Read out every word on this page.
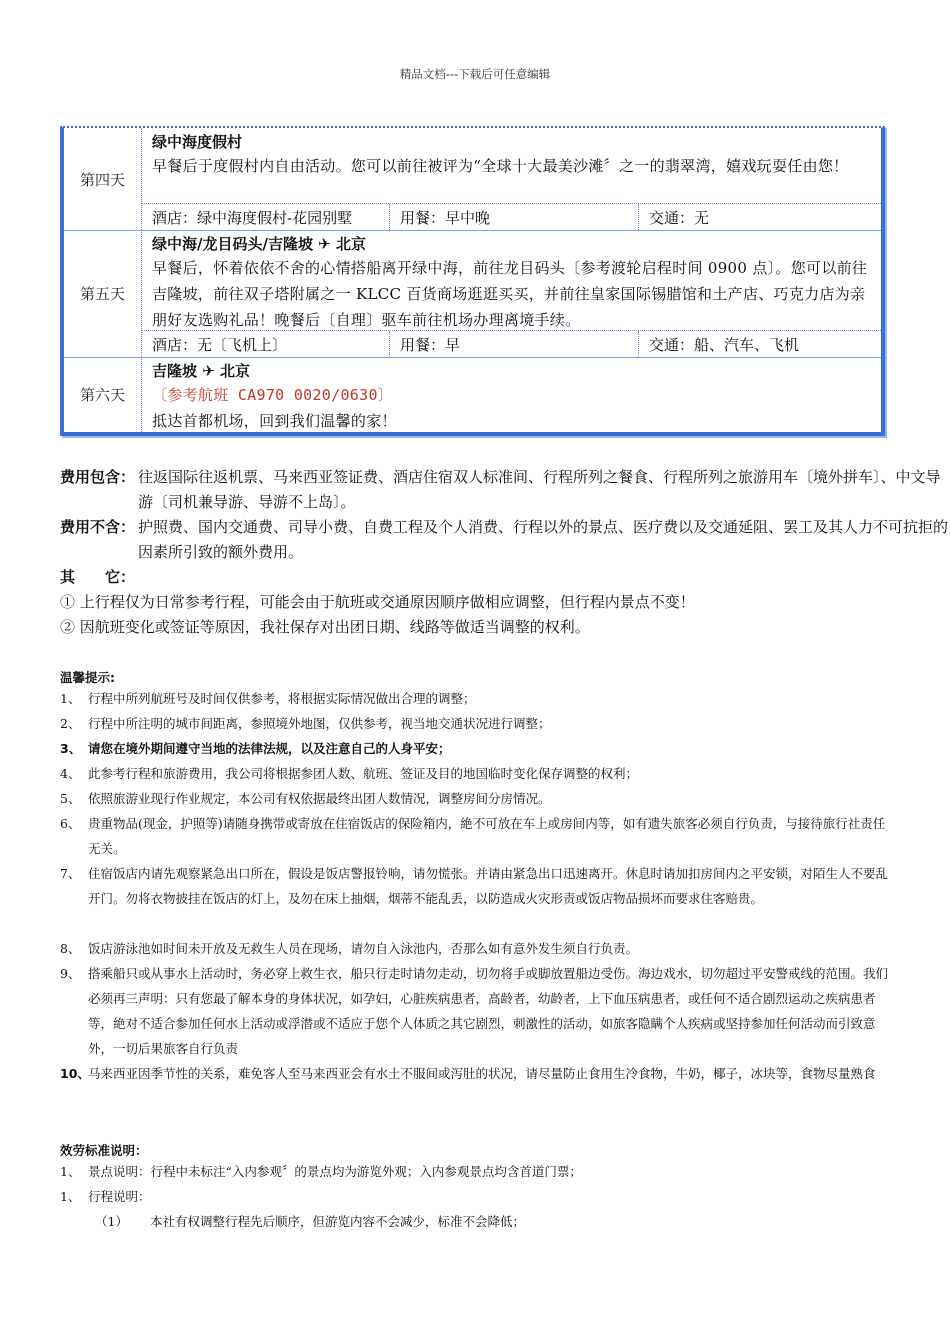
精品文档---下载后可任意编辑
第四天
绿中海度假村
早餐后于度假村内自由活动。您可以前往被评为“全球十大最美沙滩〞之一的翡翠湾，嬉戏玩耍任由您！
酒店：绿中海度假村-花园别墅	用餐：早中晚	交通：无
第五天
绿中海/龙目码头/吉隆坡 ✈ 北京
早餐后，怀着依依不舍的心情搭船离开绿中海，前往龙目码头〔参考渡轮启程时间 0900 点〕。您可以前往吉隆坡，前往双子塔附属之一 KLCC 百货商场逛逛买买，并前往皇家国际锡腊馆和土产店、巧克力店为亲朋好友选购礼品！晚餐后〔自理〕驱车前往机场办理离境手续。
酒店：无〔飞机上〕	用餐：早	交通：船、汽车、飞机
第六天
吉隆坡 ✈ 北京
〔参考航班 CA970 0020/0630〕
抵达首都机场，回到我们温馨的家！
费用包含： 往返国际往返机票、马来西亚签证费、酒店住宿双人标准间、行程所列之餐食、行程所列之旅游用车〔境外拼车〕、中文导游〔司机兼导游、导游不上岛〕。
费用不含： 护照费、国内交通费、司导小费、自费工程及个人消费、行程以外的景点、医疗费以及交通延阻、罢工及其人力不可抗拒的因素所引致的额外费用。
其　　它：
① 上行程仅为日常参考行程，可能会由于航班或交通原因顺序做相应调整，但行程内景点不变！
② 因航班变化或签证等原因，我社保存对出团日期、线路等做适当调整的权利。
温馨提示:
1、 行程中所列航班号及时间仅供参考，将根据实际情况做出合理的调整；
2、 行程中所注明的城市间距离，参照境外地图，仅供参考，视当地交通状况进行调整；
3、 请您在境外期间遵守当地的法律法规，以及注意自己的人身平安；
4、 此参考行程和旅游费用，我公司将根据参团人数、航班、签证及目的地国临时变化保存调整的权利；
5、 依照旅游业现行作业规定，本公司有权依据最终出团人数情况，调整房间分房情况。
6、 贵重物品(现金，护照等)请随身携带或寄放在住宿饭店的保险箱内，絶不可放在车上或房间内等，如有遗失旅客必须自行负责，与接待旅行社责任无关。
7、 住宿饭店内请先观察紧急出口所在，假设是饭店警报铃响，请勿慌张。并请由紧急出口迅速离开。休息时请加扣房间内之平安锁，对陌生人不要乱开门。勿将衣物披挂在饭店的灯上，及勿在床上抽烟，烟蒂不能乱丢，以防造成火灾形责或饭店物品损坏而要求住客赔贵。
8、 饭店游泳池如时间未开放及无救生人员在现场，请勿自入泳池内，否那么如有意外发生须自行负责。
9、 搭乘船只或从事水上活动时，务必穿上救生衣，船只行走时请勿走动，切勿将手或脚放置船边受伤。海边戏水，切勿超过平安警戒线的范围。我们必须再三声明：只有您最了解本身的身体状况，如孕妇，心脏疾病患者，高龄者，幼龄者，上下血压病患者，或任何不适合剧烈运动之疾病患者等，絶对不适合参加任何水上活动或浮潜或不适应于您个人体质之其它剧烈，刺激性的活动，如旅客隐瞒个人疾病或坚持参加任何活动而引致意外，一切后果旅客自行负责
10、
马来西亚因季节性的关系，难免客人至马来西亚会有水土不服间或泻肚的状况，请尽量防止食用生冷食物，牛奶，椰子，冰块等，食物尽量熟食
效劳标准说明：
1、 景点说明：行程中未标注“入内参观〞的景点均为游览外观；入内参观景点均含首道门票；
1、 行程说明：
（1）	本社有权调整行程先后顺序，但游览内容不会减少，标准不会降低；
